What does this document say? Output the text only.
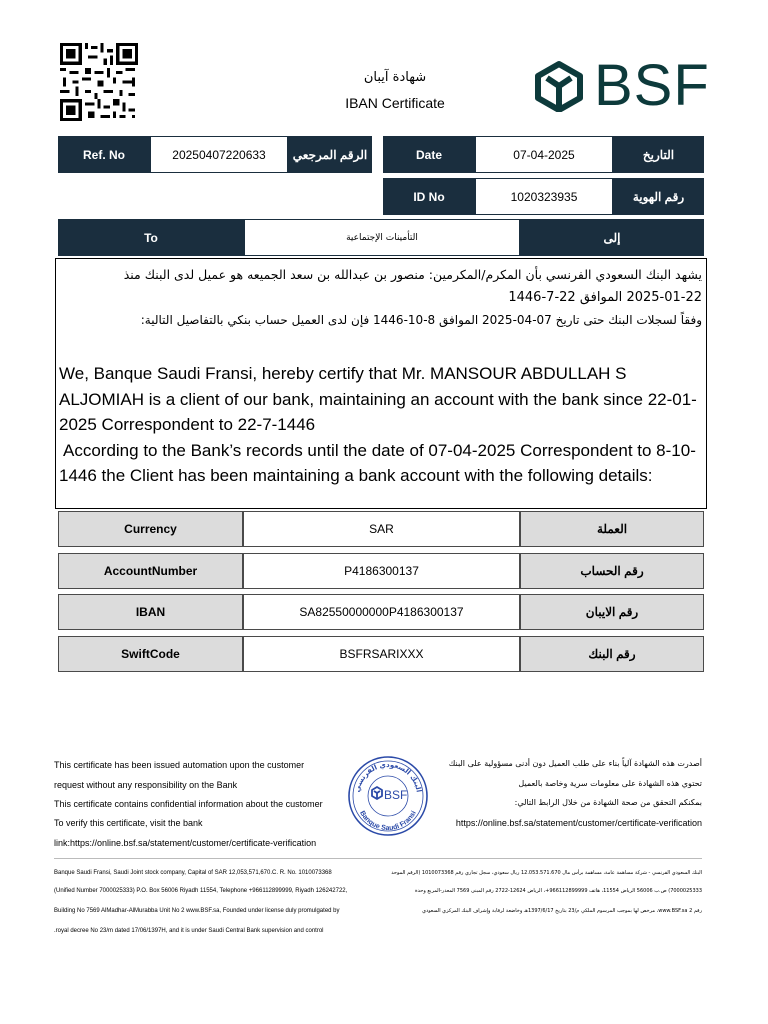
شهادة آيبان
IBAN Certificate	BSF
Ref. No	20250407220633	الرقم المرجعي	Date	07-04-2025	التاريخ
ID No	1020323935	رقم الهوية
To	التأمينات الإجتماعية	إلى
يشهد البنك السعودي الفرنسي بأن المكرم/المكرمين: منصور بن عبدالله بن سعد الجميعه هو عميل لدى البنك منذ
2025-01-22 الموافق 22-7-1446
وفقاً لسجلات البنك حتى تاريخ 07-04-2025 الموافق 8-10-1446 فإن لدى العميل حساب بنكي بالتفاصيل التالية:
We, Banque Saudi Fransi, hereby certify that Mr. MANSOUR ABDULLAH S ALJOMIAH is a client of our bank, maintaining an account with the bank since 22-01-2025 Correspondent to 22-7-1446
According to the Bank’s records until the date of 07-04-2025 Correspondent to 8-10-1446 the Client has been maintaining a bank account with the following details:
Currency	SAR	العملة
AccountNumber	P4186300137	رقم الحساب
IBAN	SA82550000000P4186300137	رقم الايبان
SwiftCode	BSFRSARIXXX	رقم البنك
This certificate has been issued automation upon the customer
request without any responsibility on the Bank
This certificate contains confidential information about the customer
To verify this certificate, visit the bank
link:https://online.bsf.sa/statement/customer/certificate-verification
أصدرت هذه الشهادة آلياً بناء على طلب العميل دون أدنى مسؤولية على البنك
تحتوي هذه الشهادة على معلومات سرية وخاصة بالعميل
بمكنكم التحقق من صحة الشهادة من خلال الرابط التالي:
https://online.bsf.sa/statement/customer/certificate-verification
البنك السعودي الفرنسي
Banque Saudi Fransi
BSF
Banque Saudi Fransi, Saudi Joint stock company, Capital of SAR 12,053,571,670.C. R. No. 1010073368
(Unified Number 7000025333) P.O. Box 56006 Riyadh 11554, Telephone +966112899999, Riyadh 126242722,
Building No 7569 AlMadhar-AlMurabba Unit No 2 www.BSF.sa, Founded under license duly promulgated by
.royal decree No 23/m dated 17/06/1397H, and it is under Saudi Central Bank supervision and control
البنك السعودي الفرنسي - شركة مساهمة عامة، مساهمة برأس مال 12.053.571.670 ريال سعودي، سجل تجاري رقم 1010073368 (الرقم الموحد
7000025333) ص.ب 56006 الرياض 11554، هاتف 966112899999+، الرياض 12624-2722 رقم المبنى 7569 المعذر-المربع وحدة
رقم 2 www.BSF.sa، مرخص لها بموجب المرسوم الملكي م/23 بتاريخ 1397/6/17هـ وخاضعة لرقابة وإشراف البنك المركزي السعودي
